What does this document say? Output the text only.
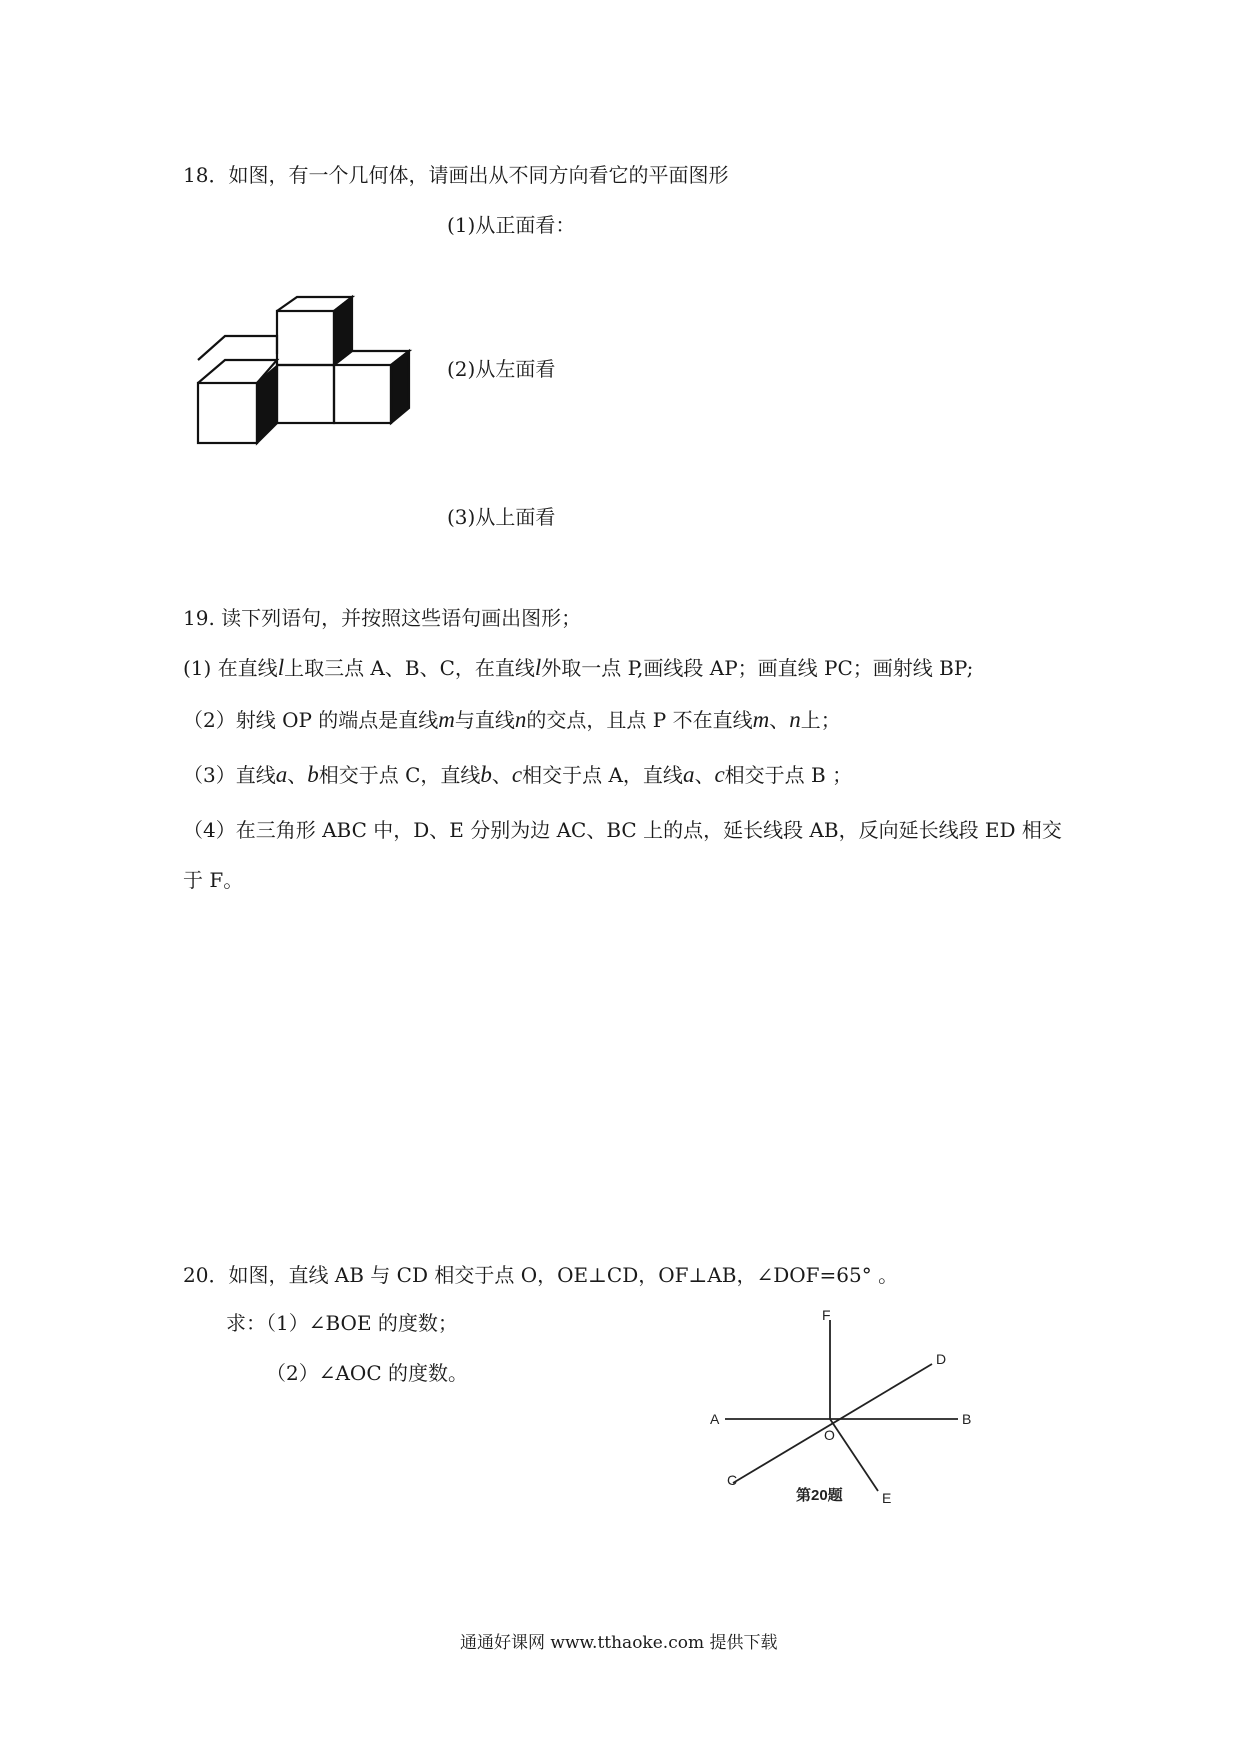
18．如图，有一个几何体，请画出从不同方向看它的平面图形
(1)从正面看：
(2)从左面看
(3)从上面看
19. 读下列语句，并按照这些语句画出图形；
(1) 在直线l上取三点 A、B、C，在直线l外取一点 P,画线段 AP；画直线 PC；画射线 BP;
（2）射线 OP 的端点是直线m与直线n的交点，且点 P 不在直线m、n上；
（3）直线a、b相交于点 C，直线b、c相交于点 A，直线a、c相交于点 B ；
（4）在三角形 ABC 中，D、E 分别为边 AC、BC 上的点，延长线段 AB，反向延长线段 ED 相交
于 F。
20．如图，直线 AB 与 CD 相交于点 O，OE⊥CD，OF⊥AB，∠DOF=65° 。
求：（1）∠BOE 的度数；
（2）∠AOC 的度数。
F
D
A	B
O
C
E
第20题
通通好课网 www.tthaoke.com 提供下载
